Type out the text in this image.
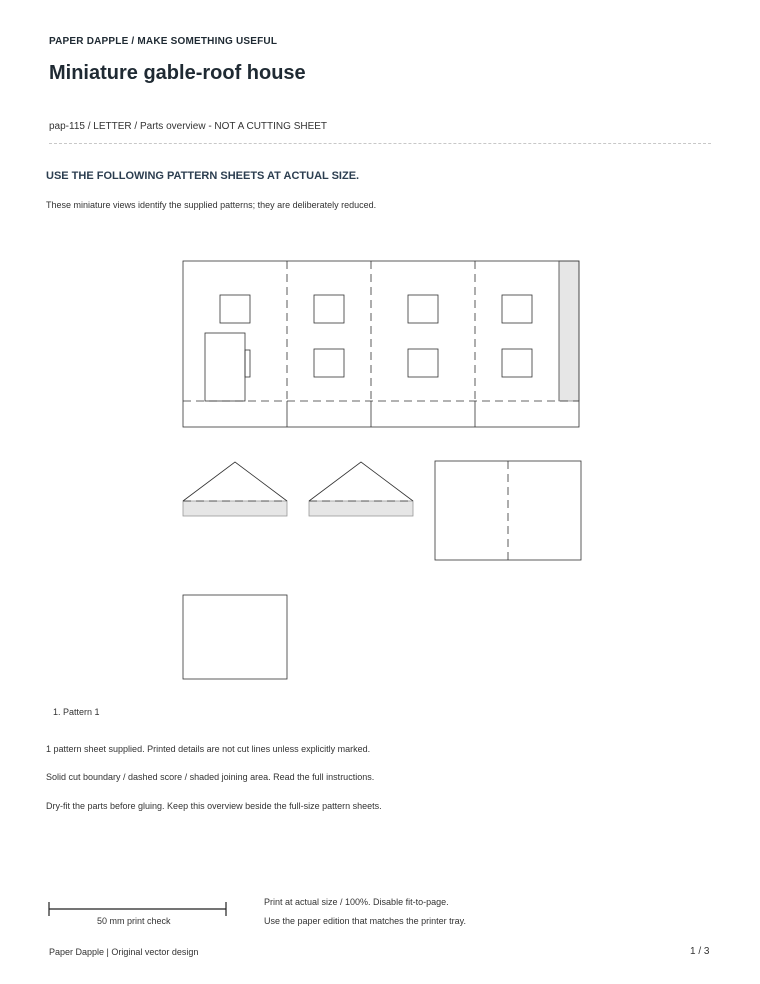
PAPER DAPPLE / MAKE SOMETHING USEFUL
Miniature gable-roof house
pap-115 / LETTER / Parts overview - NOT A CUTTING SHEET
USE THE FOLLOWING PATTERN SHEETS AT ACTUAL SIZE.
These miniature views identify the supplied patterns; they are deliberately reduced.
1. Pattern 1
1 pattern sheet supplied. Printed details are not cut lines unless explicitly marked.
Solid cut boundary / dashed score / shaded joining area. Read the full instructions.
Dry-fit the parts before gluing. Keep this overview beside the full-size pattern sheets.
50 mm print check
Print at actual size / 100%. Disable fit-to-page.
Use the paper edition that matches the printer tray.
Paper Dapple | Original vector design	1 / 3
